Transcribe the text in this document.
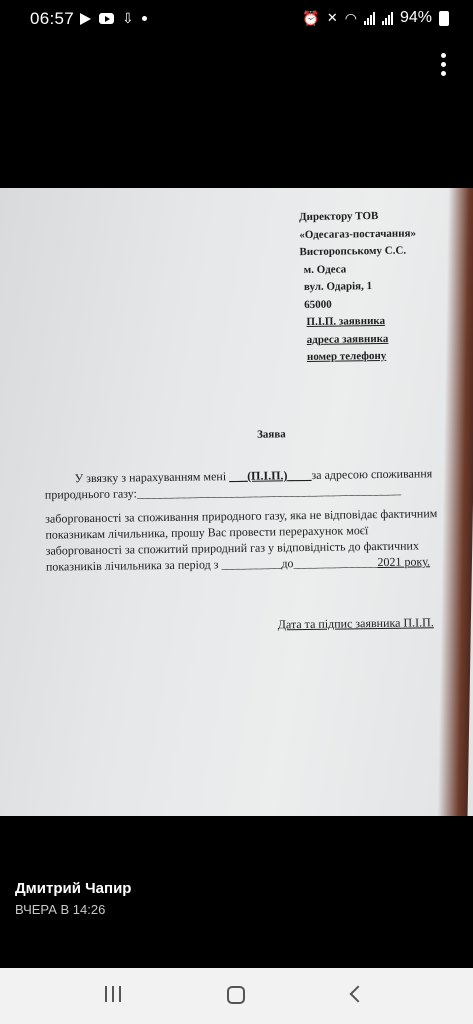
06:57	⇩	⏰ ✕ ◠	94%
Директору ТОВ
«Одесагаз-постачання»
Висторопському С.С.
м. Одеса
вул. Одарія, 1
65000
П.І.П. заявника
адреса заявника
номер телефону
Заява

У звязку з нарахуванням мені ___(П.І.П.)____за адресою споживання природнього газу:____________________________________________

заборгованості за споживання природного газу, яка не відповідає фактичним показникам лічильника, прошу Вас провести перерахунок моєї заборгованості за спожитий природний газ у відповідність до фактичних показників лічильника за період з __________до______________2021 року.

Дата та підпис заявника П.І.П.
Дмитрий Чапир
ВЧЕРА В 14:26
